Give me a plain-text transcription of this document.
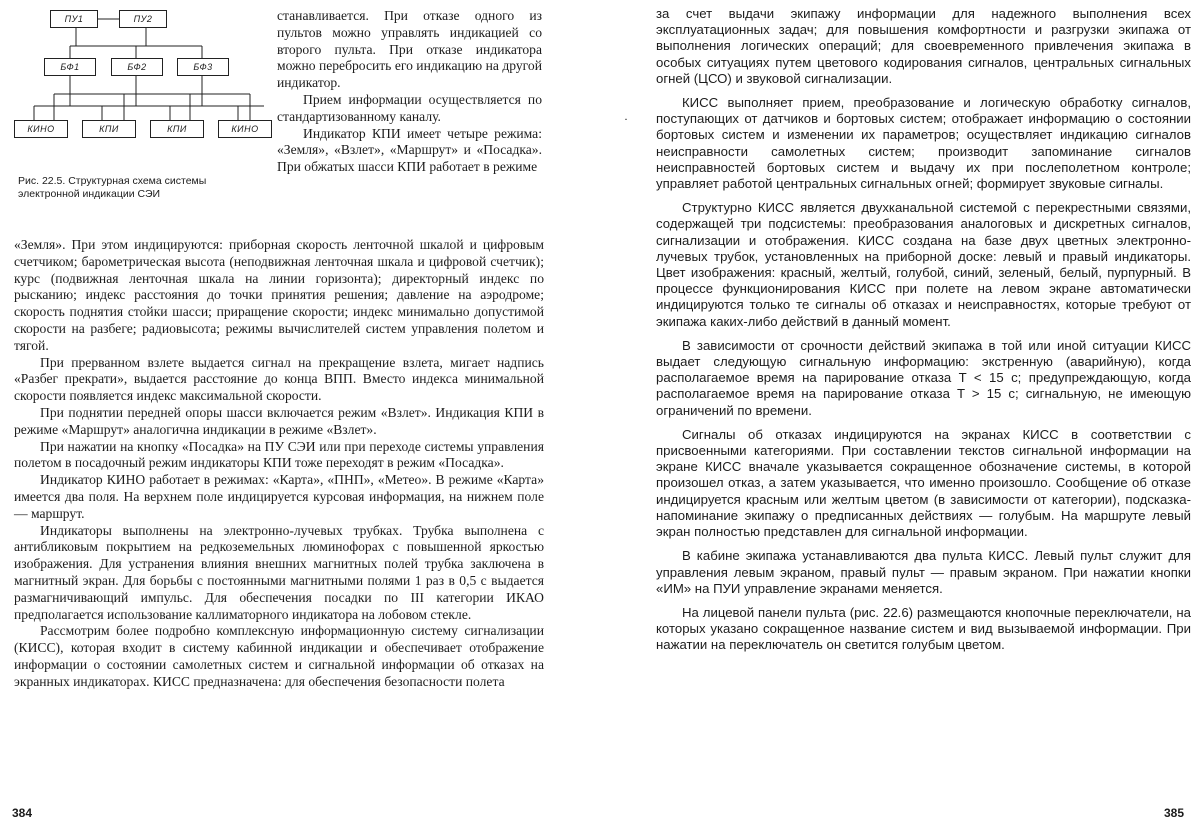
ПУ1	ПУ2
БФ1	БФ2	БФ3
КИНО	КПИ	КПИ	КИНО
Рис. 22.5. Структурная схема системы электронной индикации СЭИ

станавливается. При отказе одного из пультов можно управлять индикацией со второго пульта. При отказе индикатора можно перебросить его индикацию на другой индикатор.

Прием информации осуществляется по стандартизованному каналу.

Индикатор КПИ имеет четыре режима: «Земля», «Взлет», «Маршрут» и «Посадка». При обжатых шасси КПИ работает в режиме

«Земля». При этом индицируются: приборная скорость ленточной шкалой и цифровым счетчиком; барометрическая высота (неподвижная ленточная шкала и цифровой счетчик); курс (подвижная ленточная шкала на линии горизонта); директорный индекс по рысканию; индекс расстояния до точки принятия решения; давление на аэродроме; скорость поднятия стойки шасси; приращение скорости; индекс минимально допустимой скорости на разбеге; радиовысота; режимы вычислителей систем управления полетом и тягой.

При прерванном взлете выдается сигнал на прекращение взлета, мигает надпись «Разбег прекрати», выдается расстояние до конца ВПП. Вместо индекса минимальной скорости появляется индекс максимальной скорости.

При поднятии передней опоры шасси включается режим «Взлет». Индикация КПИ в режиме «Маршрут» аналогична индикации в режиме «Взлет».

При нажатии на кнопку «Посадка» на ПУ СЭИ или при переходе системы управления полетом в посадочный режим индикаторы КПИ тоже переходят в режим «Посадка».

Индикатор КИНО работает в режимах: «Карта», «ПНП», «Метео». В режиме «Карта» имеется два поля. На верхнем поле индицируется курсовая информация, на нижнем поле — маршрут.

Индикаторы выполнены на электронно-лучевых трубках. Трубка выполнена с антибликовым покрытием на редкоземельных люминофорах с повышенной яркостью изображения. Для устранения влияния внешних магнитных полей трубка заключена в магнитный экран. Для борьбы с постоянными магнитными полями 1 раз в 0,5 с выдается размагничивающий импульс. Для обеспечения посадки по III категории ИКАО предполагается использование каллиматорного индикатора на лобовом стекле.

Рассмотрим более подробно комплексную информационную систему сигнализации (КИСС), которая входит в систему кабинной индикации и обеспечивает отображение информации о состоянии самолетных систем и сигнальной информации об отказах на экранных индикаторах. КИСС предназначена: для обеспечения безопасности полета

384
·

за счет выдачи экипажу информации для надежного выполнения всех эксплуатационных задач; для повышения комфортности и разгрузки экипажа от выполнения логических операций; для своевременного привлечения экипажа в особых ситуациях путем цветового кодирования сигналов, центральных сигнальных огней (ЦСО) и звуковой сигнализации.

КИСС выполняет прием, преобразование и логическую обработку сигналов, поступающих от датчиков и бортовых систем; отображает информацию о состоянии бортовых систем и изменении их параметров; осуществляет индикацию сигналов неисправности самолетных систем; производит запоминание сигналов неисправностей бортовых систем и выдачу их при послеполетном контроле; управляет работой центральных сигнальных огней; формирует звуковые сигналы.

Структурно КИСС является двухканальной системой с перекрестными связями, содержащей три подсистемы: преобразования аналоговых и дискретных сигналов, сигнализации и отображения. КИСС создана на базе двух цветных электронно-лучевых трубок, установленных на приборной доске: левый и правый индикаторы. Цвет изображения: красный, желтый, голубой, синий, зеленый, белый, пурпурный. В процессе функционирования КИСС при полете на левом экране автоматически индицируются только те сигналы об отказах и неисправностях, которые требуют от экипажа каких-либо действий в данный момент.

В зависимости от срочности действий экипажа в той или иной ситуации КИСС выдает следующую сигнальную информацию: экстренную (аварийную), когда располагаемое время на парирование отказа T < 15 с; предупреждающую, когда располагаемое время на парирование отказа T > 15 с; сигнальную, не имеющую ограничений по времени.

Сигналы об отказах индицируются на экранах КИСС в соответствии с присвоенными категориями. При составлении текстов сигнальной информации на экране КИСС вначале указывается сокращенное обозначение системы, в которой произошел отказ, а затем указывается, что именно произошло. Сообщение об отказе индицируется красным или желтым цветом (в зависимости от категории), подсказка-напоминание экипажу о предписанных действиях — голубым. На маршруте левый экран полностью представлен для сигнальной информации.

В кабине экипажа устанавливаются два пульта КИСС. Левый пульт служит для управления левым экраном, правый пульт — правым экраном. При нажатии кнопки «ИМ» на ПУИ управление экранами меняется.

На лицевой панели пульта (рис. 22.6) размещаются кнопочные переключатели, на которых указано сокращенное название систем и вид вызываемой информации. При нажатии на переключатель он светится голубым цветом.

385
